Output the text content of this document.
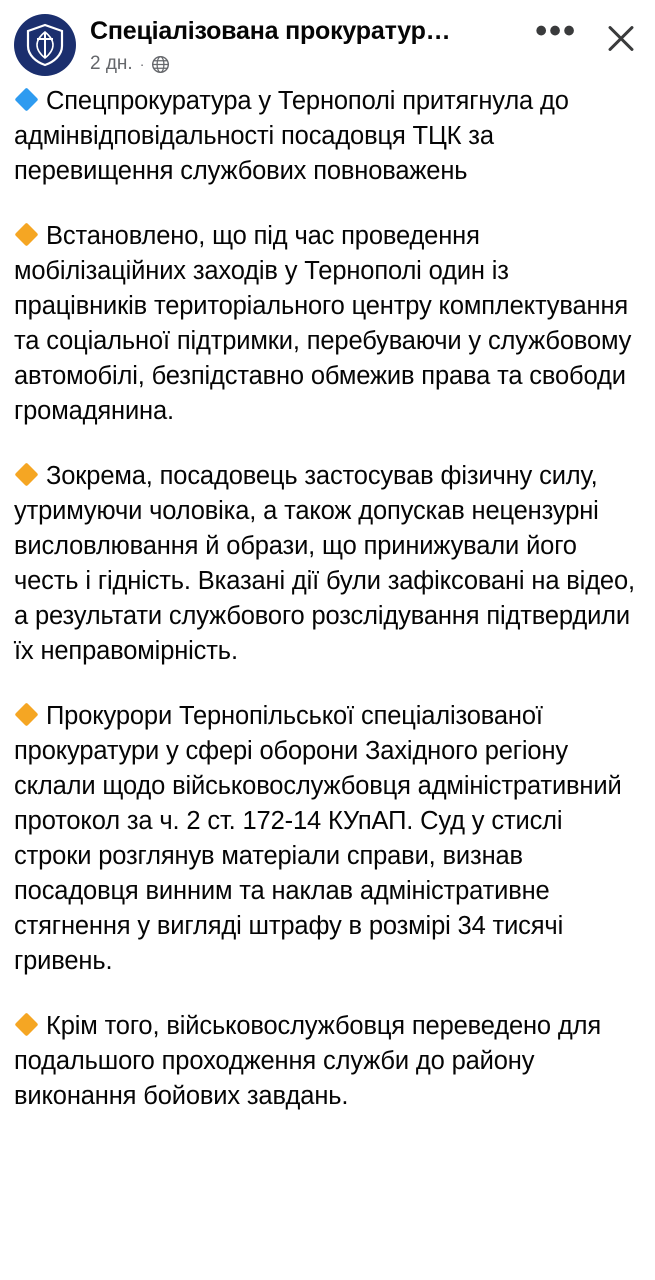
Спеціалізована прокуратур…
2 дн. ·
•••

Спецпрокуратура у Тернополі притягнула до адмінвідповідальності посадовця ТЦК за перевищення службових повноважень

Встановлено, що під час проведення мобілізаційних заходів у Тернополі один із працівників територіального центру комплектування та соціальної підтримки, перебуваючи у службовому автомобілі, безпідставно обмежив права та свободи громадянина.

Зокрема, посадовець застосував фізичну силу, утримуючи чоловіка, а також допускав нецензурні висловлювання й образи, що принижували його честь і гідність. Вказані дії були зафіксовані на відео, а результати службового розслідування підтвердили їх неправомірність.

Прокурори Тернопільської спеціалізованої прокуратури у сфері оборони Західного регіону склали щодо військовослужбовця адміністративний протокол за ч. 2 ст. 172-14 КУпАП. Суд у стислі строки розглянув матеріали справи, визнав посадовця винним та наклав адміністративне стягнення у вигляді штрафу в розмірі 34 тисячі гривень.

Крім того, військовослужбовця переведено для подальшого проходження служби до району виконання бойових завдань.
